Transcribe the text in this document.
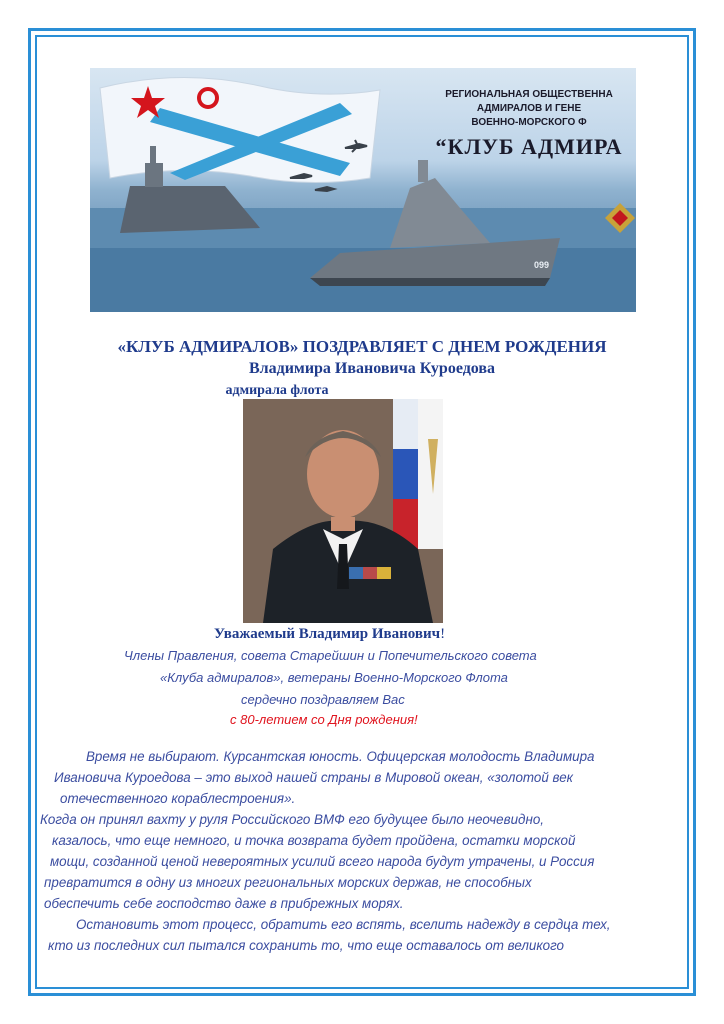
РЕГИОНАЛЬНАЯ ОБЩЕСТВЕННА
АДМИРАЛОВ И ГЕНЕ
ВОЕННО-МОРСКОГО Ф
“КЛУБ АДМИРА
099
«КЛУБ АДМИРАЛОВ» ПОЗДРАВЛЯЕТ С ДНЕМ РОЖДЕНИЯ
Владимира Ивановича Куроедова
адмирала флота
Уважаемый Владимир Иванович!
Члены Правления, совета Старейшин и Попечительского совета
«Клуба адмиралов», ветераны Военно-Морского Флота
сердечно поздравляем Вас
с 80-летием со Дня рождения!
Время не выбирают. Курсантская юность. Офицерская молодость Владимира
Ивановича Куроедова – это выход нашей страны в Мировой океан, «золотой век
отечественного кораблестроения».
Когда он принял вахту у руля Российского ВМФ его будущее было неочевидно,
казалось, что еще немного, и точка возврата будет пройдена, остатки морской
мощи, созданной ценой невероятных усилий всего народа будут утрачены, и Россия
превратится в одну из многих региональных морских держав, не способных
обеспечить себе господство даже в прибрежных морях.
Остановить этот процесс, обратить его вспять, вселить надежду в сердца тех,
кто из последних сил пытался сохранить то, что еще оставалось от великого
